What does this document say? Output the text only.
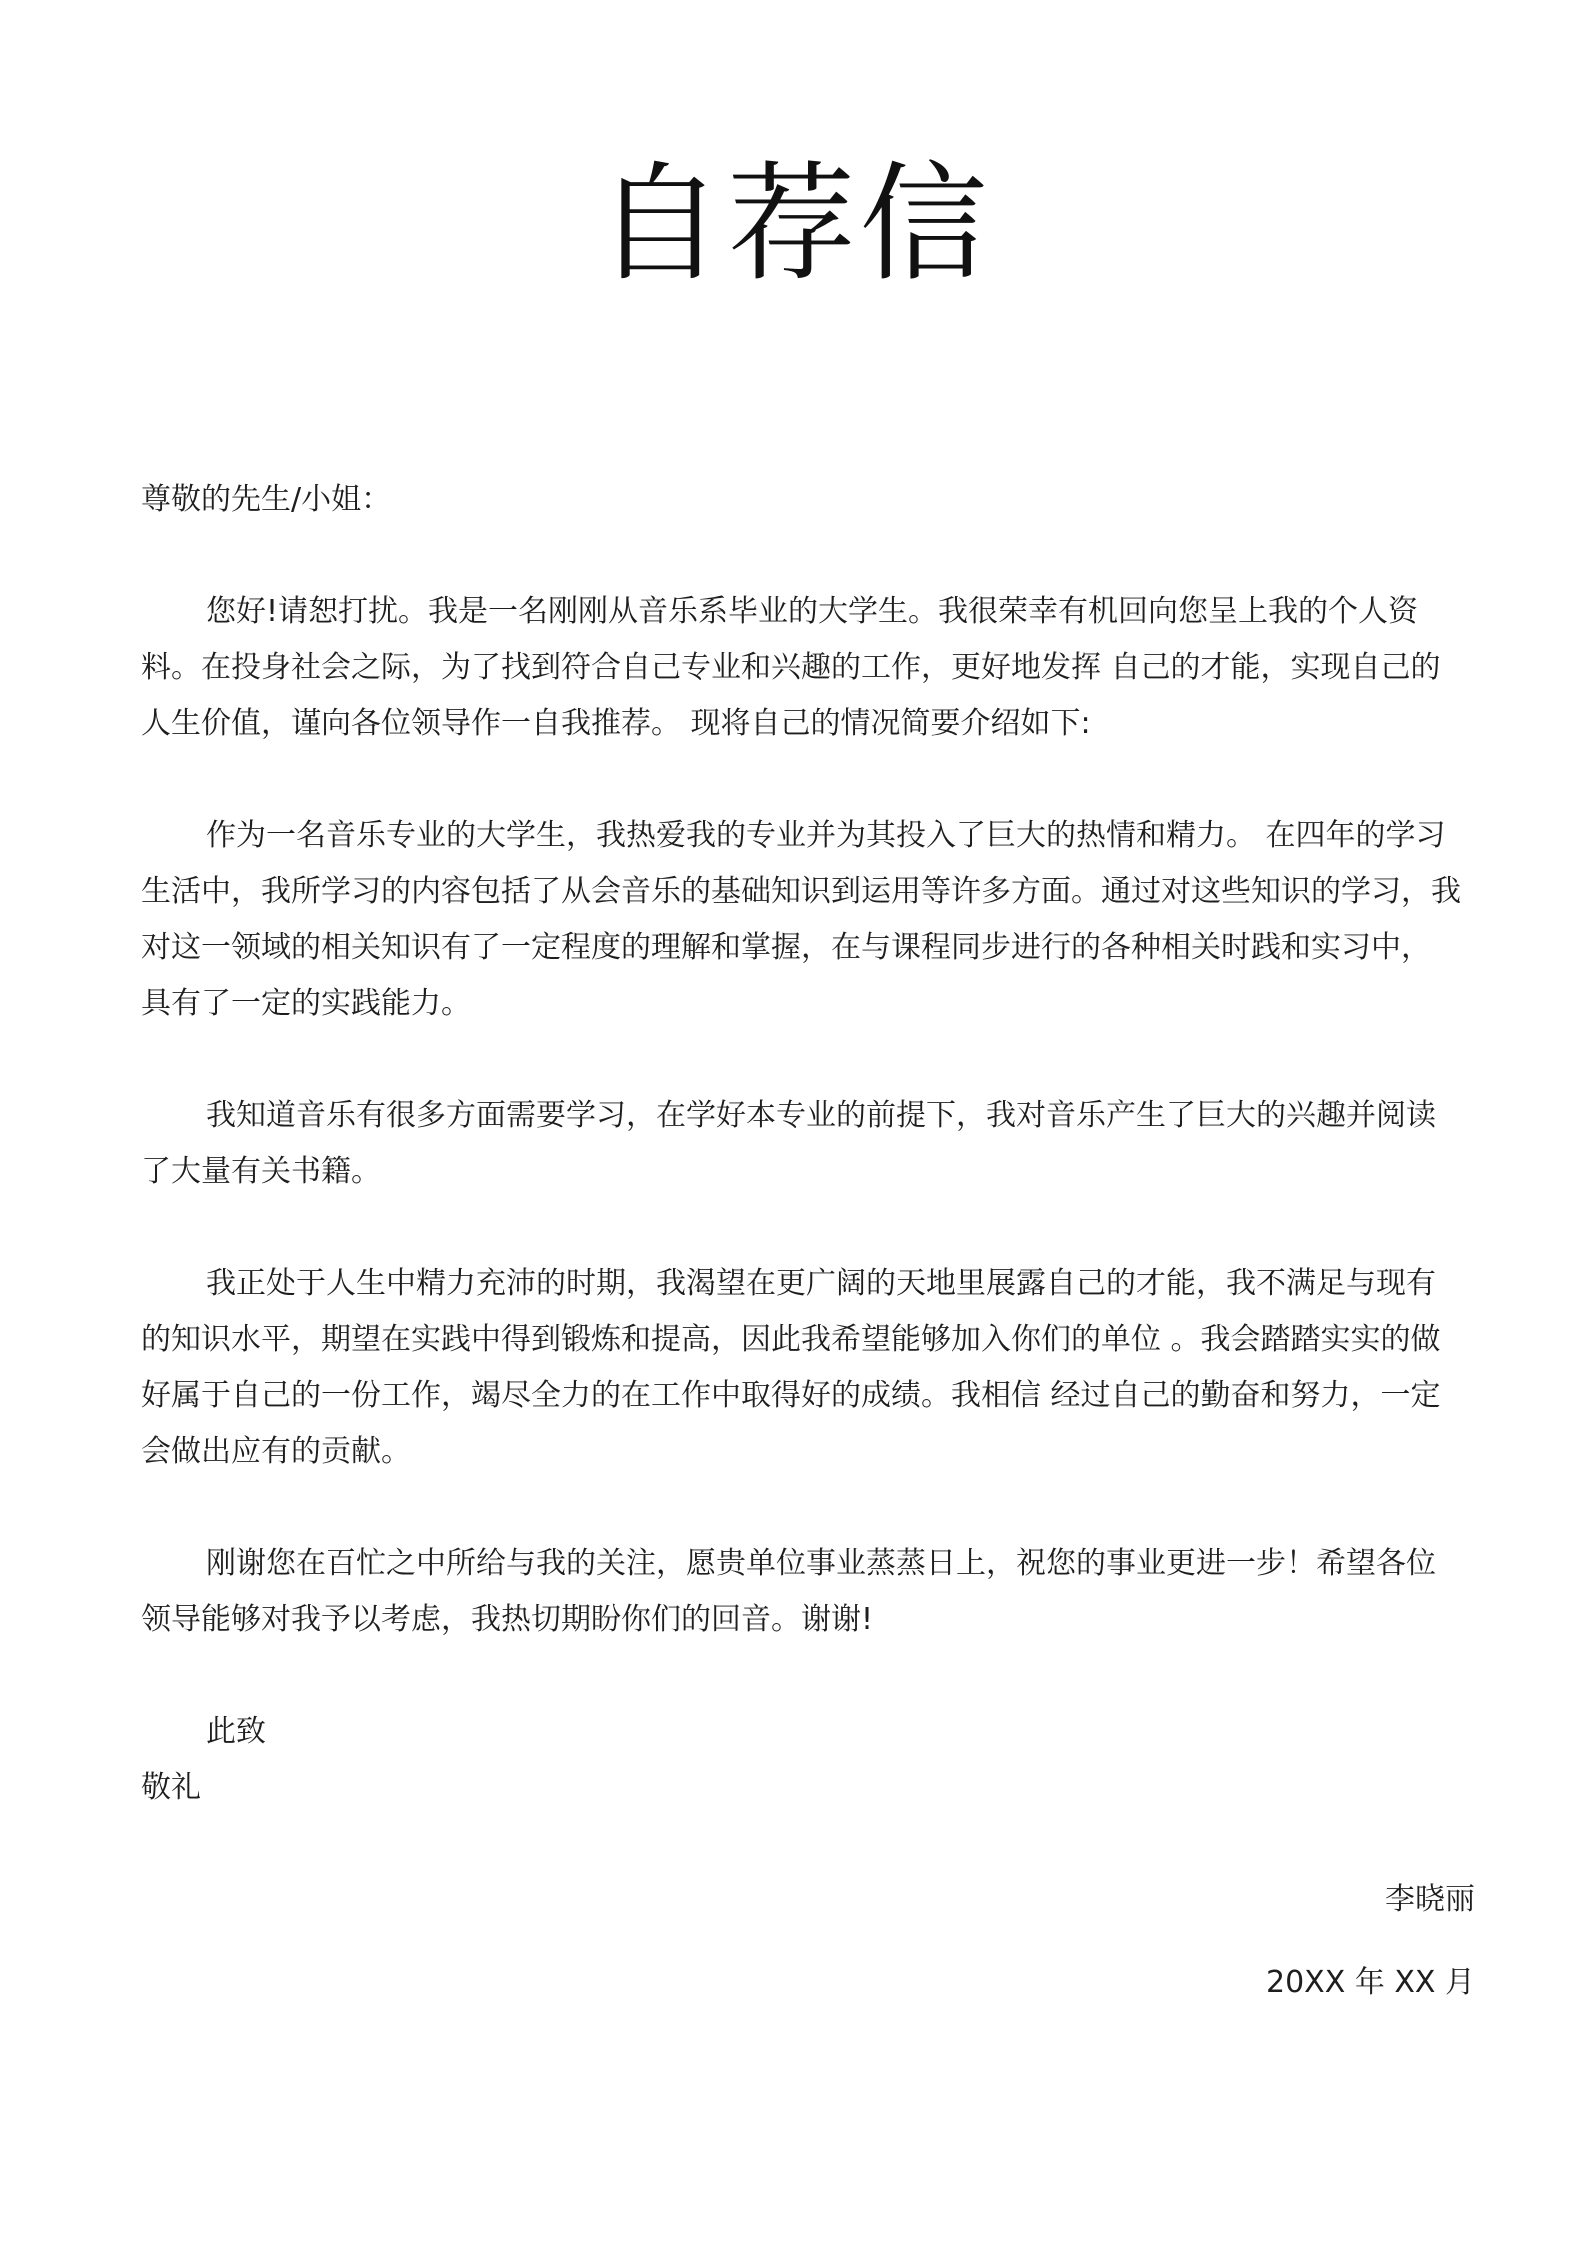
自荐信
尊敬的先生/小姐：

您好!请恕打扰。我是一名刚刚从音乐系毕业的大学生。我很荣幸有机回向您呈上我的个人资料。在投身社会之际，为了找到符合自己专业和兴趣的工作，更好地发挥 自己的才能，实现自己的人生价值，谨向各位领导作一自我推荐。 现将自己的情况简要介绍如下:

作为一名音乐专业的大学生，我热爱我的专业并为其投入了巨大的热情和精力。 在四年的学习生活中，我所学习的内容包括了从会音乐的基础知识到运用等许多方面。通过对这些知识的学习，我对这一领域的相关知识有了一定程度的理解和掌握，在与课程同步进行的各种相关时践和实习中， 具有了一定的实践能力。

我知道音乐有很多方面需要学习，在学好本专业的前提下，我对音乐产生了巨大的兴趣并阅读了大量有关书籍。

我正处于人生中精力充沛的时期，我渴望在更广阔的天地里展露自己的才能，我不满足与现有的知识水平，期望在实践中得到锻炼和提高，因此我希望能够加入你们的单位 。我会踏踏实实的做好属于自己的一份工作，竭尽全力的在工作中取得好的成绩。我相信 经过自己的勤奋和努力，一定会做出应有的贡献。

刚谢您在百忙之中所给与我的关注，愿贵单位事业蒸蒸日上，祝您的事业更进一步！希望各位领导能够对我予以考虑，我热切期盼你们的回音。谢谢!

此致
敬礼
李晓丽
20XX 年 XX 月
